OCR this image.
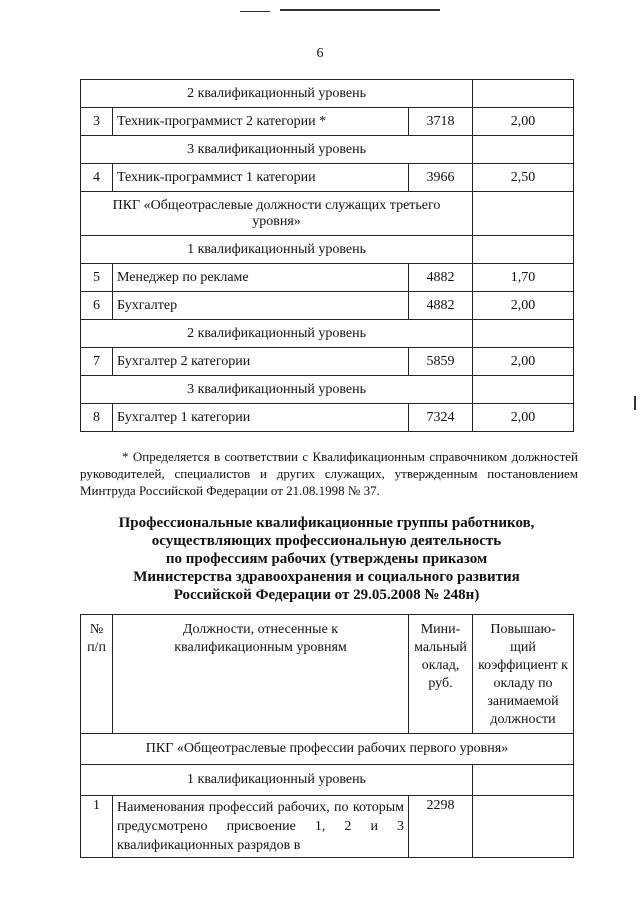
6
2 квалификационный уровень			
3	Техник-программист 2 категории *	3718	2,00
3 квалификационный уровень			
4	Техник-программист 1 категории	3966	2,50
ПКГ «Общеотраслевые должности служащих третьего уровня»			
1 квалификационный уровень			
5	Менеджер по рекламе	4882	1,70
6	Бухгалтер	4882	2,00
2 квалификационный уровень			
7	Бухгалтер 2 категории	5859	2,00
3 квалификационный уровень			
8	Бухгалтер 1 категории	7324	2,00
* Определяется в соответствии с Квалификационным справочником должностей руководителей, специалистов и других служащих, утвержденным постановлением Минтруда Российской Федерации от 21.08.1998 № 37.
Профессиональные квалификационные группы работников,
осуществляющих профессиональную деятельность
по профессиям рабочих (утверждены приказом
Министерства здравоохранения и социального развития
Российской Федерации от 29.05.2008 № 248н)
№ п/п	Должности, отнесенные к квалификационным уровням	Мини- мальный оклад, руб.	Повышаю- щий коэффициент к окладу по занимаемой должности
ПКГ «Общеотраслевые профессии рабочих первого уровня»			
1 квалификационный уровень			
1	Наименования профессий рабочих, по которым предусмотрено присвоение 1, 2 и 3 квалификационных разрядов в	2298	
